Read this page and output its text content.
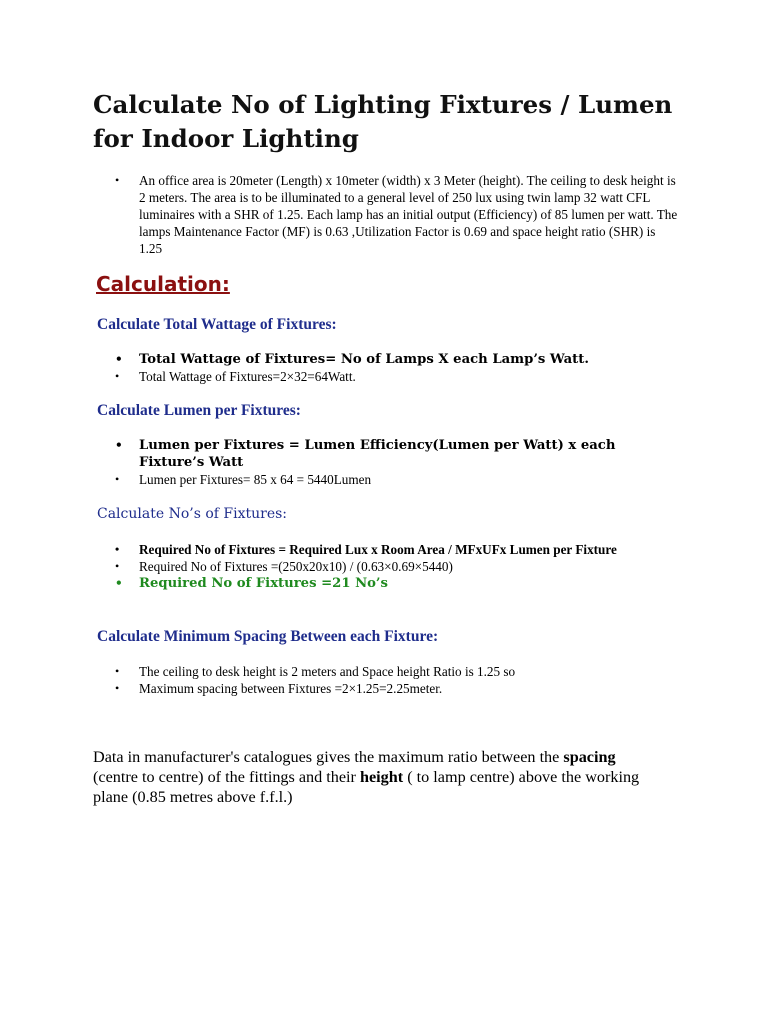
Calculate No of Lighting Fixtures / Lumen for Indoor Lighting
• An office area is 20meter (Length) x 10meter (width) x 3 Meter (height). The ceiling to desk height is 2 meters. The area is to be illuminated to a general level of 250 lux using twin lamp 32 watt CFL luminaires with a SHR of 1.25. Each lamp has an initial output (Efficiency) of 85 lumen per watt. The lamps Maintenance Factor (MF) is 0.63 ,Utilization Factor is 0.69 and space height ratio (SHR) is 1.25
Calculation:
Calculate Total Wattage of Fixtures:
• Total Wattage of Fixtures= No of Lamps X each Lamp’s Watt.
• Total Wattage of Fixtures=2×32=64Watt.
Calculate Lumen per Fixtures:
• Lumen per Fixtures = Lumen Efficiency(Lumen per Watt) x each Fixture’s Watt
• Lumen per Fixtures= 85 x 64 = 5440Lumen
Calculate No’s of Fixtures:
• Required No of Fixtures = Required Lux x Room Area / MFxUFx Lumen per Fixture
• Required No of Fixtures =(250x20x10) / (0.63×0.69×5440)
• Required No of Fixtures =21 No’s
Calculate Minimum Spacing Between each Fixture:
• The ceiling to desk height is 2 meters and Space height Ratio is 1.25 so
• Maximum spacing between Fixtures =2×1.25=2.25meter.

Data in manufacturer's catalogues gives the maximum ratio between the spacing (centre to centre) of the fittings and their height ( to lamp centre) above the working plane (0.85 metres above f.f.l.)
